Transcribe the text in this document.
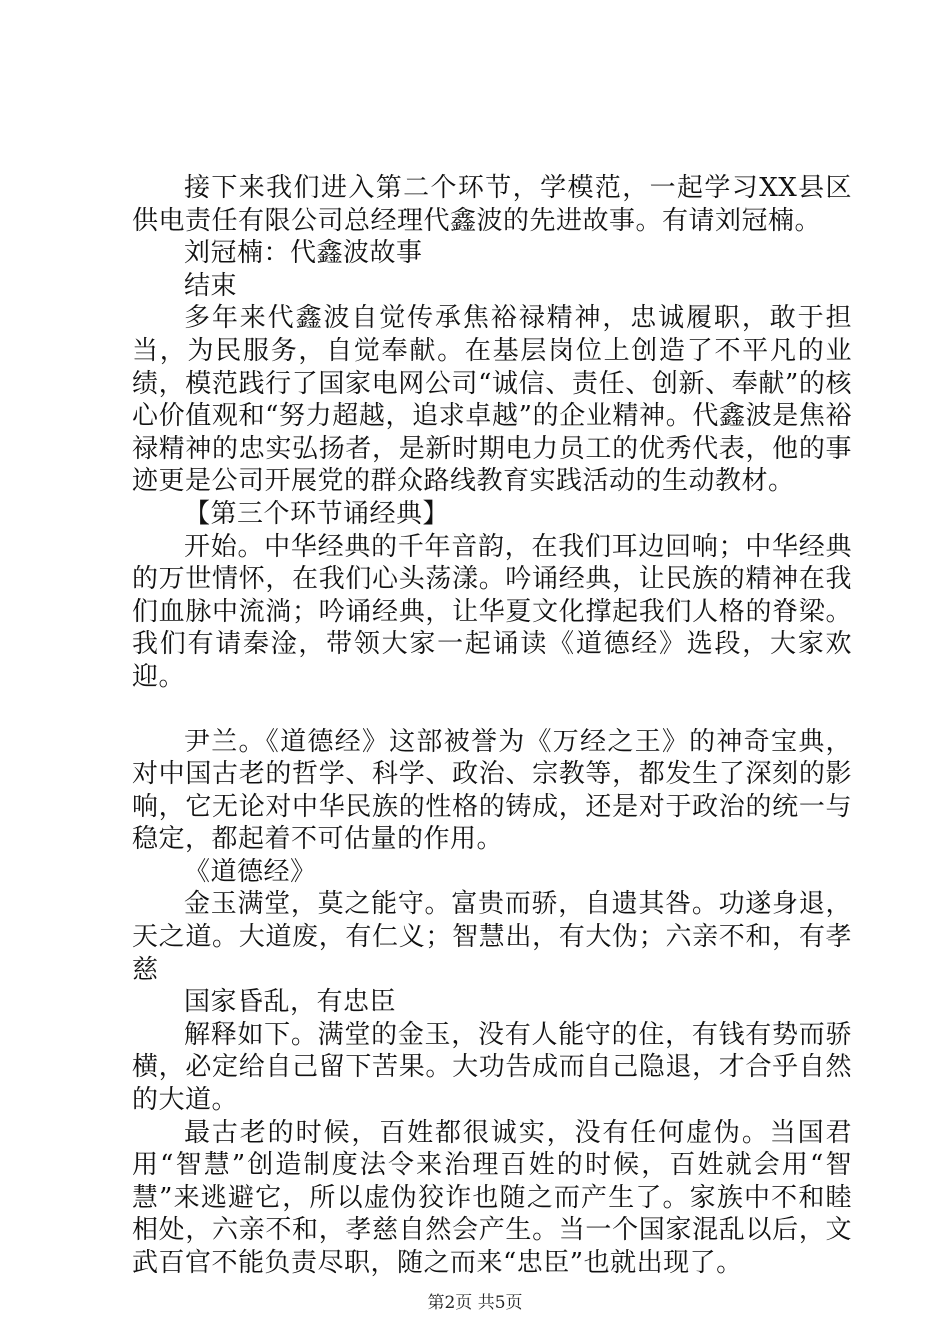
接下来我们进入第二个环节，学模范，一起学习XX县区供电责任有限公司总经理代鑫波的先进故事。有请刘冠楠。

刘冠楠：代鑫波故事

结束

多年来代鑫波自觉传承焦裕禄精神，忠诚履职，敢于担当，为民服务，自觉奉献。在基层岗位上创造了不平凡的业绩，模范践行了国家电网公司“诚信、责任、创新、奉献”的核心价值观和“努力超越，追求卓越”的企业精神。代鑫波是焦裕禄精神的忠实弘扬者，是新时期电力员工的优秀代表，他的事迹更是公司开展党的群众路线教育实践活动的生动教材。

【第三个环节诵经典】

开始。中华经典的千年音韵，在我们耳边回响；中华经典的万世情怀，在我们心头荡漾。吟诵经典，让民族的精神在我们血脉中流淌；吟诵经典，让华夏文化撑起我们人格的脊梁。我们有请秦淦，带领大家一起诵读《道德经》选段，大家欢迎。

尹兰。《道德经》这部被誉为《万经之王》的神奇宝典，对中国古老的哲学、科学、政治、宗教等，都发生了深刻的影响，它无论对中华民族的性格的铸成，还是对于政治的统一与稳定，都起着不可估量的作用。

《道德经》

金玉满堂，莫之能守。富贵而骄，自遗其咎。功遂身退，天之道。大道废，有仁义；智慧出，有大伪；六亲不和，有孝慈

国家昏乱，有忠臣

解释如下。满堂的金玉，没有人能守的住，有钱有势而骄横，必定给自己留下苦果。大功告成而自己隐退，才合乎自然的大道。

最古老的时候，百姓都很诚实，没有任何虚伪。当国君用“智慧”创造制度法令来治理百姓的时候，百姓就会用“智慧”来逃避它，所以虚伪狡诈也随之而产生了。家族中不和睦相处，六亲不和，孝慈自然会产生。当一个国家混乱以后，文武百官不能负责尽职，随之而来“忠臣”也就出现了。

第2页 共5页
